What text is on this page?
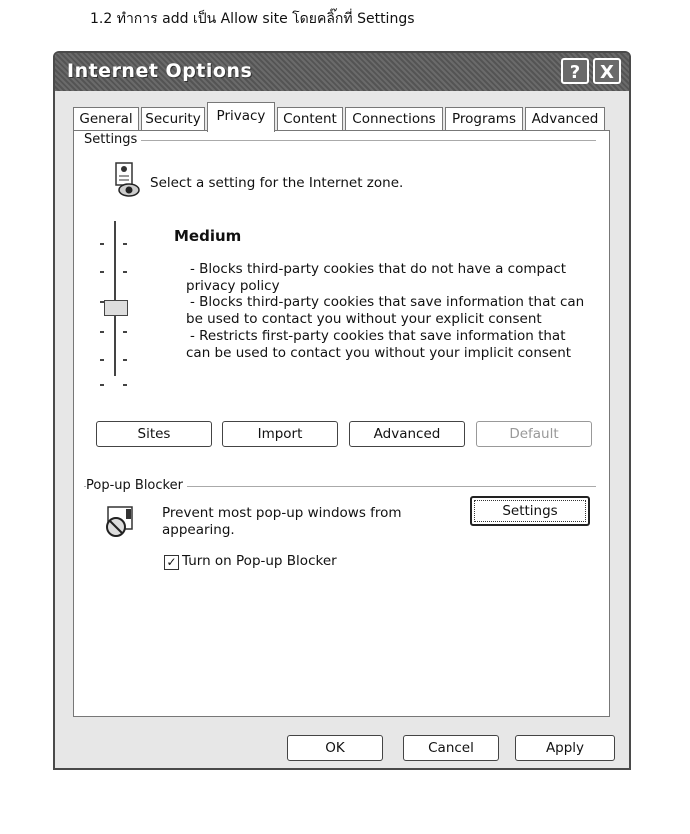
1.2 ทำการ add เป็น Allow site โดยคลิ๊กที่ Settings
Internet Options	?	X
General Security	Privacy	Content	Connections	Programs	Advanced
Settings
Select a setting for the Internet zone.
Medium
- Blocks third-party cookies that do not have a compact
privacy policy
- Blocks third-party cookies that save information that can
be used to contact you without your explicit consent
- Restricts first-party cookies that save information that
can be used to contact you without your implicit consent
Sites	Import	Advanced	Default
Pop-up Blocker
Prevent most pop-up windows from
appearing.
Settings
✓ Turn on Pop-up Blocker
OK	Cancel	Apply
